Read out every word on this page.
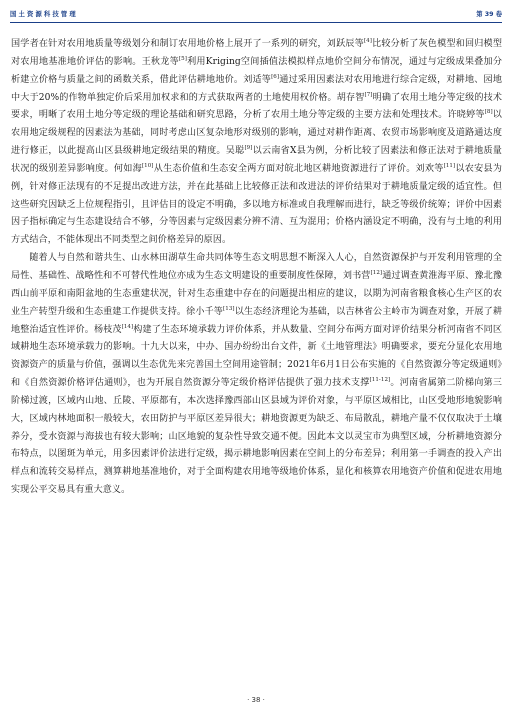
国 土 资 源 科 技 管 理	第 39 卷

国学者在针对农用地质量等级划分和制订农用地价格上展开了一系列的研究，刘跃辰等[4]比较分析了灰色模型和回归模型对农用地基准地价评估的影响。王秋龙等[5]利用Kriging空间插值法模拟样点地价空间分布情况，通过与定级成果叠加分析建立价格与质量之间的函数关系，借此评估耕地地价。刘适等[6]通过采用因素法对农用地进行综合定级，对耕地、园地中大于20%的作物单独定价后采用加权求和的方式获取两者的土地使用权价格。胡存智[7]明确了农用土地分等定级的技术要求，明晰了农用土地分等定级的理论基础和研究思路，分析了农用土地分等定级的主要方法和处理技术。许晓婷等[8]以农用地定级规程的因素法为基础，同时考虑山区复杂地形对级别的影响，通过对耕作距离、农贸市场影响度及道路通达度进行修正，以此提高山区县级耕地定级结果的精度。吴聪[9]以云南省X县为例，分析比较了因素法和修正法对于耕地质量状况的级别差异影响度。何如海[10]从生态价值和生态安全两方面对皖北地区耕地资源进行了评价。刘欢等[11]以农安县为例，针对修正法现有的不足提出改进方法，并在此基础上比较修正法和改进法的评价结果对于耕地质量定级的适宜性。但这些研究因缺乏上位规程指引，且评估目的设定不明确，多以地方标准或自我理解而进行，缺乏等级价统筹；评价中因素因子指标确定与生态建设结合不够，分等因素与定级因素分辨不清、互为混用；价格内涵设定不明确，没有与土地的利用方式结合，不能体现出不同类型之间价格差异的原因。

随着人与自然和谐共生、山水林田湖草生命共同体等生态文明思想不断深入人心，自然资源保护与开发利用管理的全局性、基础性、战略性和不可替代性地位亦成为生态文明建设的重要制度性保障，刘书营[12]通过调查黄淮海平原、豫北豫西山前平原和南阳盆地的生态重建状况，针对生态重建中存在的问题提出相应的建议，以期为河南省粮食核心生产区的农业生产转型升级和生态重建工作提供支持。徐小千等[13]以生态经济理论为基础，以吉林省公主岭市为调查对象，开展了耕地整治适宜性评价。杨枝茂[14]构建了生态环境承载力评价体系，并从数量、空间分布两方面对评价结果分析河南省不同区域耕地生态环境承载力的影响。十九大以来，中办、国办纷纷出台文件，新《土地管理法》明确要求，要充分显化农用地资源资产的质量与价值，强调以生态优先来完善国土空间用途管制；2021年6月1日公布实施的《自然资源分等定级通则》和《自然资源价格评估通则》，也为开展自然资源分等定级价格评估提供了强力技术支撑[11-12]。河南省属第二阶梯向第三阶梯过渡，区域内山地、丘陵、平原都有，本次选择豫西部山区县域为评价对象，与平原区域相比，山区受地形地貌影响大，区域内林地面积一般较大，农田防护与平原区差异很大；耕地资源更为缺乏、布局散乱，耕地产量不仅仅取决于土壤养分，受水资源与海拔也有较大影响；山区地貌的复杂性导致交通不便。因此本文以灵宝市为典型区域，分析耕地资源分布特点，以图斑为单元，用多因素评价法进行定级，揭示耕地影响因素在空间上的分布差异；利用第一手调查的投入产出样点和流转交易样点，测算耕地基准地价，对于全面构建农用地等级地价体系，显化和核算农用地资产价值和促进农用地实现公平交易具有重大意义。

· 38 ·
